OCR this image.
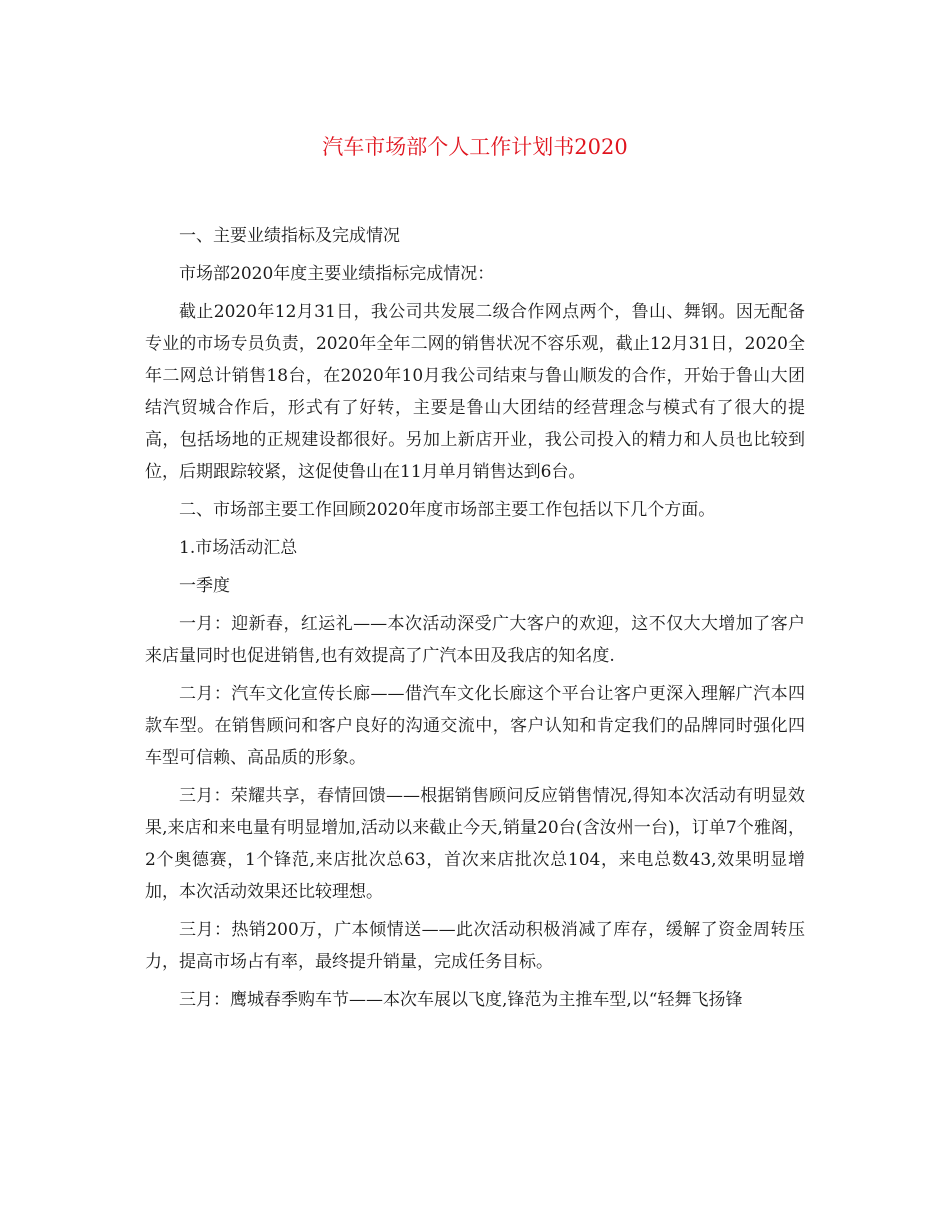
汽车市场部个人工作计划书2020

一、主要业绩指标及完成情况

市场部2020年度主要业绩指标完成情况：

截止2020年12月31日，我公司共发展二级合作网点两个，鲁山、舞钢。因无配备专业的市场专员负责，2020年全年二网的销售状况不容乐观，截止12月31日，2020全年二网总计销售18台，在2020年10月我公司结束与鲁山顺发的合作，开始于鲁山大团结汽贸城合作后，形式有了好转，主要是鲁山大团结的经营理念与模式有了很大的提高，包括场地的正规建设都很好。另加上新店开业，我公司投入的精力和人员也比较到位，后期跟踪较紧，这促使鲁山在11月单月销售达到6台。

二、市场部主要工作回顾2020年度市场部主要工作包括以下几个方面。

1.市场活动汇总

一季度

一月：迎新春，红运礼——本次活动深受广大客户的欢迎，这不仅大大增加了客户来店量同时也促进销售,也有效提高了广汽本田及我店的知名度.

二月：汽车文化宣传长廊——借汽车文化长廊这个平台让客户更深入理解广汽本四款车型。在销售顾问和客户良好的沟通交流中，客户认知和肯定我们的品牌同时强化四车型可信赖、高品质的形象。

三月：荣耀共享，春情回馈——根据销售顾问反应销售情况,得知本次活动有明显效果,来店和来电量有明显增加,活动以来截止今天,销量20台(含汝州一台)，订单7个雅阁，2个奥德赛，1个锋范,来店批次总63，首次来店批次总104，来电总数43,效果明显增加，本次活动效果还比较理想。

三月：热销200万，广本倾情送——此次活动积极消减了库存，缓解了资金周转压力，提高市场占有率，最终提升销量，完成任务目标。

三月：鹰城春季购车节——本次车展以飞度,锋范为主推车型,以“轻舞飞扬锋
